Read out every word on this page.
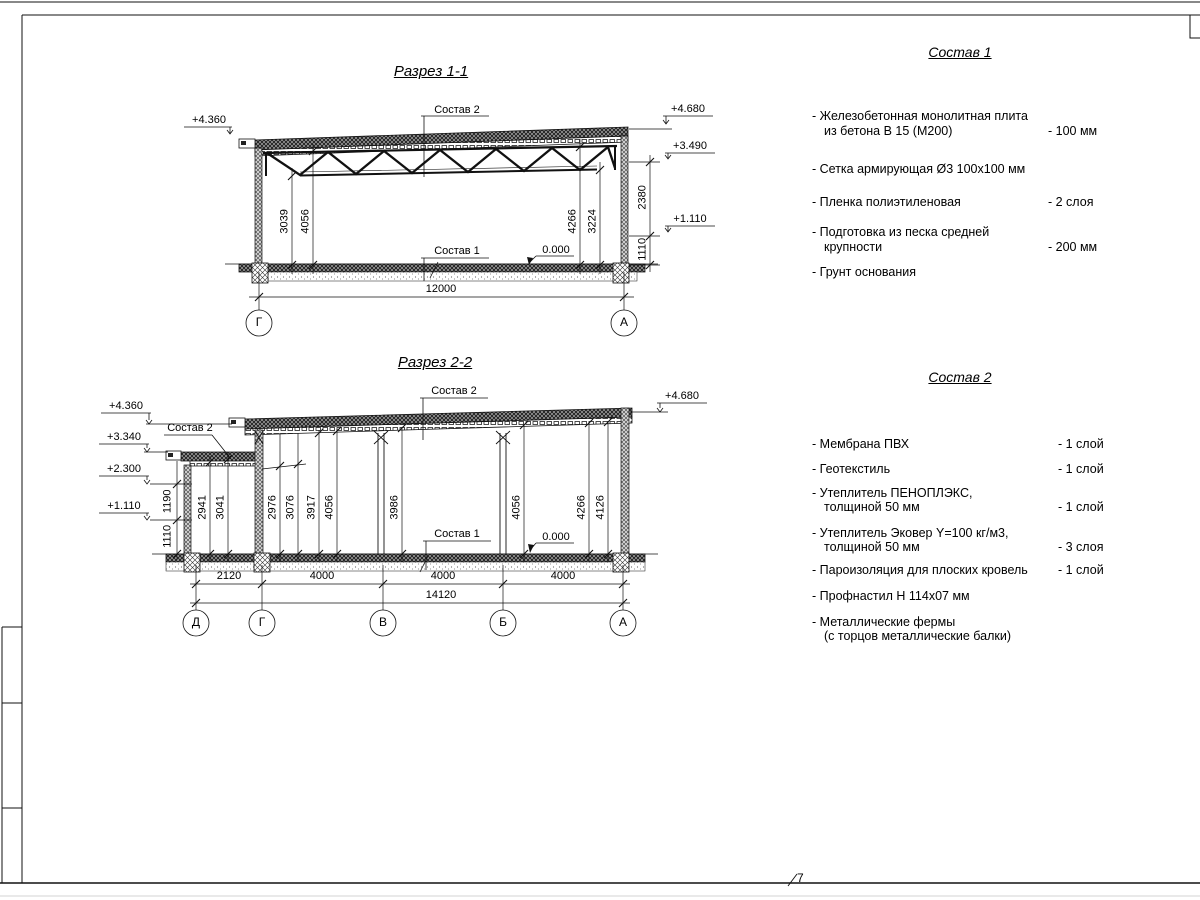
Разрез 1-1
Состав 2
Состав 1	0.000
+4.360
+4.680
+3.490
+1.110
3039 4056	4266 3224
2380
1110
12000
Г	А
Разрез 2-2
+4.360
+3.340
+2.300
+1.110
+4.680
Состав 2
Состав 2
Состав 1	0.000
1190
1110
2941 3041	2976 3076 3917 4056	3986	4056	4266 4126
2120	4000	4000	4000
14120
Д	Г	В	Б	А
Состав 1
- Железобетонная монолитная плита
из бетона В 15 (М200)	- 100 мм
- Сетка армирующая Ø3 100х100 мм
- Пленка полиэтиленовая	- 2 слоя
- Подготовка из песка средней
крупности	- 200 мм
- Грунт основания
Состав 2
- Мембрана ПВХ	- 1 слой
- Геотекстиль	- 1 слой
- Утеплитель ПЕНОПЛЭКС,
толщиной 50 мм	- 1 слой
- Утеплитель Эковер Y=100 кг/м3,
толщиной 50 мм	- 3 слоя
- Пароизоляция для плоских кровель - 1 слой
- Профнастил Н 114х07 мм
- Металлические фермы
(с торцов металлические балки)
7
